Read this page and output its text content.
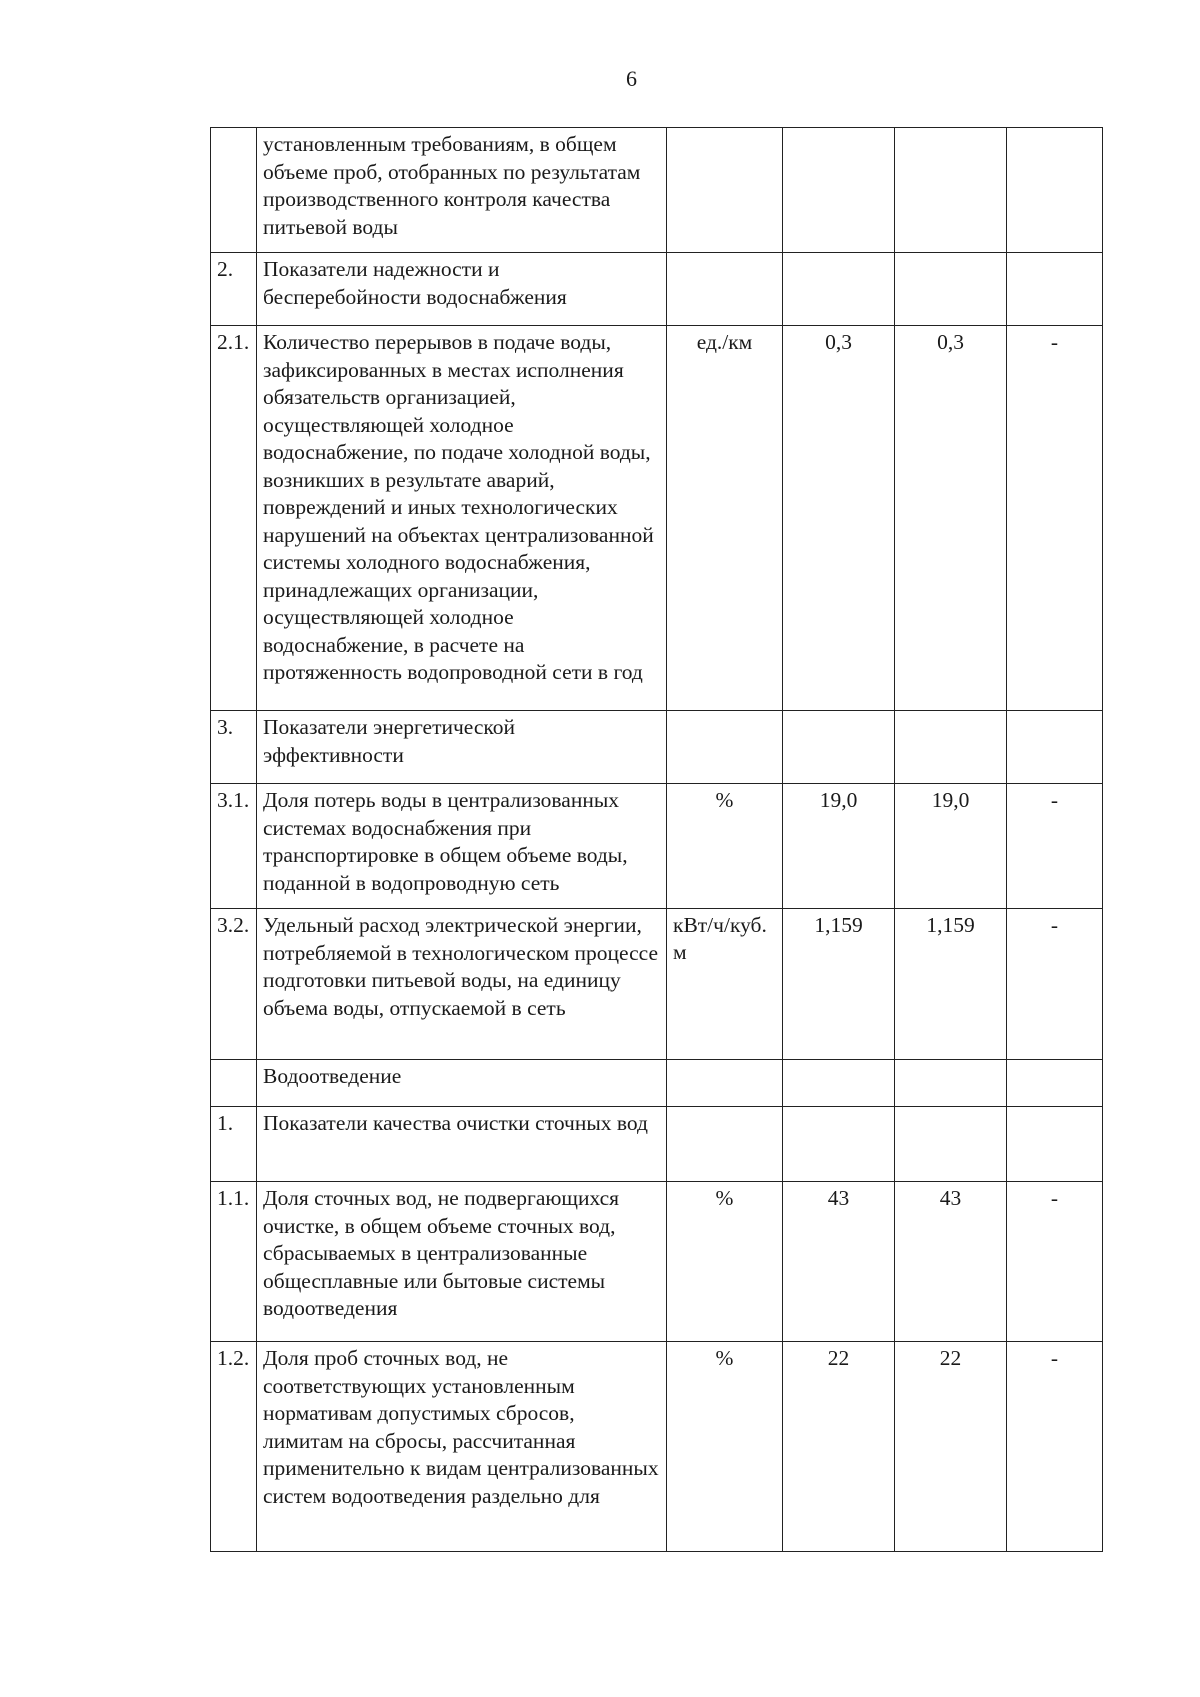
6
	установленным требованиям, в общем объеме проб, отобранных по результатам производственного контроля качества питьевой воды				
2.	Показатели надежности и бесперебойности водоснабжения				
2.1.	Количество перерывов в подаче воды, зафиксированных в местах исполнения обязательств организацией, осуществляющей холодное водоснабжение, по подаче холодной воды, возникших в результате аварий, повреждений и иных технологических нарушений на объектах централизованной системы холодного водоснабжения, принадлежащих организации, осуществляющей холодное водоснабжение, в расчете на протяженность водопроводной сети в год	ед./км	0,3	0,3	-
3.	Показатели энергетической эффективности				
3.1.	Доля потерь воды в централизованных системах водоснабжения при транспортировке в общем объеме воды, поданной в водопроводную сеть	%	19,0	19,0	-
3.2.	Удельный расход электрической энергии, потребляемой в технологическом процессе подготовки питьевой воды, на единицу объема воды, отпускаемой в сеть	кВт/ч/куб. м	1,159	1,159	-
	Водоотведение				
1.	Показатели качества очистки сточных вод				
1.1.	Доля сточных вод, не подвергающихся очистке, в общем объеме сточных вод, сбрасываемых в централизованные общесплавные или бытовые системы водоотведения	%	43	43	-
1.2.	Доля проб сточных вод, не соответствующих установленным нормативам допустимых сбросов, лимитам на сбросы, рассчитанная применительно к видам централизованных систем водоотведения раздельно для	%	22	22	-
